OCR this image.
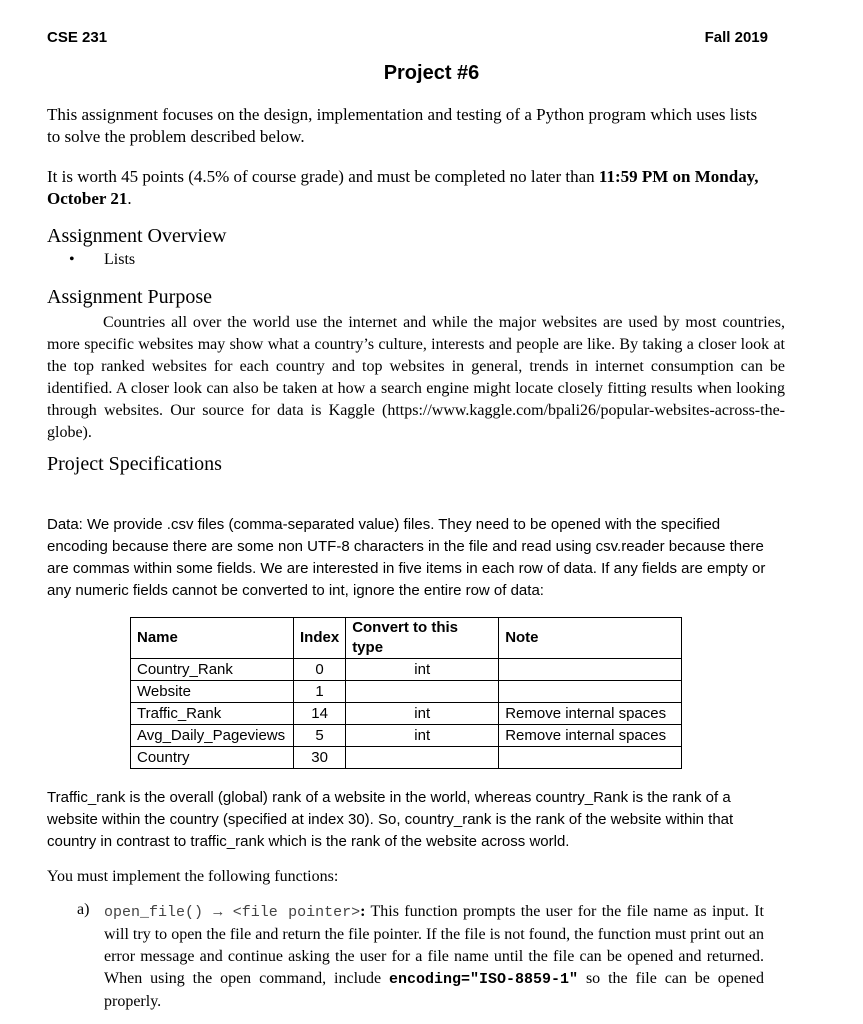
CSE 231	Fall 2019
Project #6
This assignment focuses on the design, implementation and testing of a Python program which uses lists to solve the problem described below.
It is worth 45 points (4.5% of course grade) and must be completed no later than 11:59 PM on Monday, October 21.
Assignment Overview
• Lists
Assignment Purpose
Countries all over the world use the internet and while the major websites are used by most countries, more specific websites may show what a country’s culture, interests and people are like. By taking a closer look at the top ranked websites for each country and top websites in general, trends in internet consumption can be identified. A closer look can also be taken at how a search engine might locate closely fitting results when looking through websites. Our source for data is Kaggle (https://www.kaggle.com/bpali26/popular-websites-across-the-globe).
Project Specifications
Data: We provide .csv files (comma-separated value) files. They need to be opened with the specified encoding because there are some non UTF-8 characters in the file and read using csv.reader because there are commas within some fields. We are interested in five items in each row of data. If any fields are empty or any numeric fields cannot be converted to int, ignore the entire row of data:
Name	Index	Convert to this type	Note
Country_Rank	0	int	
Website	1		
Traffic_Rank	14	int	Remove internal spaces
Avg_Daily_Pageviews	5	int	Remove internal spaces
Country	30		
Traffic_rank is the overall (global) rank of a website in the world, whereas country_Rank is the rank of a website within the country (specified at index 30). So, country_rank is the rank of the website within that country in contrast to traffic_rank which is the rank of the website across world.
You must implement the following functions:
a) open_file() → <file pointer>: This function prompts the user for the file name as input. It will try to open the file and return the file pointer. If the file is not found, the function must print out an error message and continue asking the user for a file name until the file can be opened and returned. When using the open command, include encoding="ISO-8859-1" so the file can be opened properly.
